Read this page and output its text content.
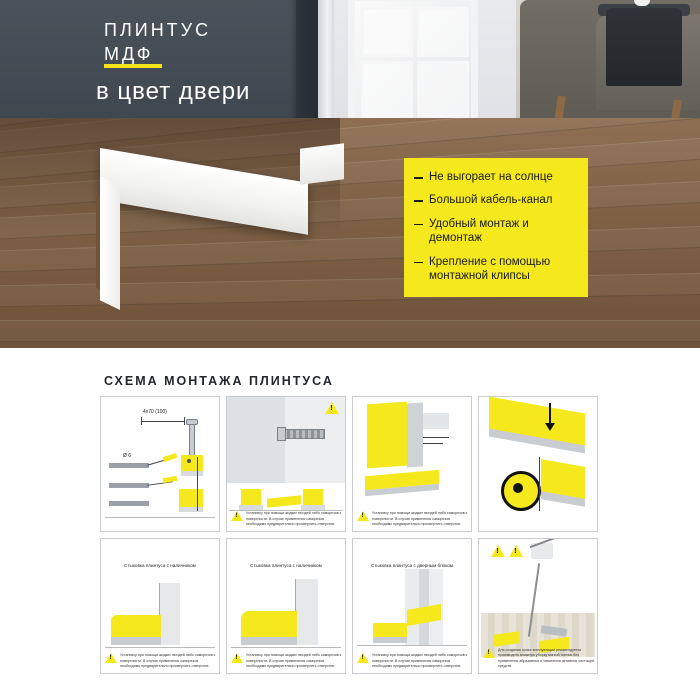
ПЛИНТУС
МДФ
в цвет двери
Не выгорает на солнце
Большой кабель-канал
Удобный монтаж и демонтаж
Крепление с помощью монтажной клипсы
СХЕМА МОНТАЖА ПЛИНТУСА
4х70 (100)
Ø 6
!
!
Установку при помощи жидких гвоздей либо саморезов к поверхности. В случае применения саморезов необходимо предварительно просверлить отверстие.
!
Установку при помощи жидких гвоздей либо саморезов к поверхности. В случае применения саморезов необходимо предварительно просверлить отверстие.
Стыковка плинтуса с наличником
!
Установку при помощи жидких гвоздей либо саморезов к поверхности. В случае применения саморезов необходимо предварительно просверлить отверстие.
Стыковка плинтуса с наличником
!
Установку при помощи жидких гвоздей либо саморезов к поверхности. В случае применения саморезов необходимо предварительно просверлить отверстие.
Стыковка плинтуса с дверным блоком
!
Установку при помощи жидких гвоздей либо саморезов к поверхности. В случае применения саморезов необходимо предварительно просверлить отверстие.
!
!
!
Для создания срока эксплуатации рекомендуется производить влажную уборку мягкой тканью без применения абразивных и химически активных чистящих средств.
